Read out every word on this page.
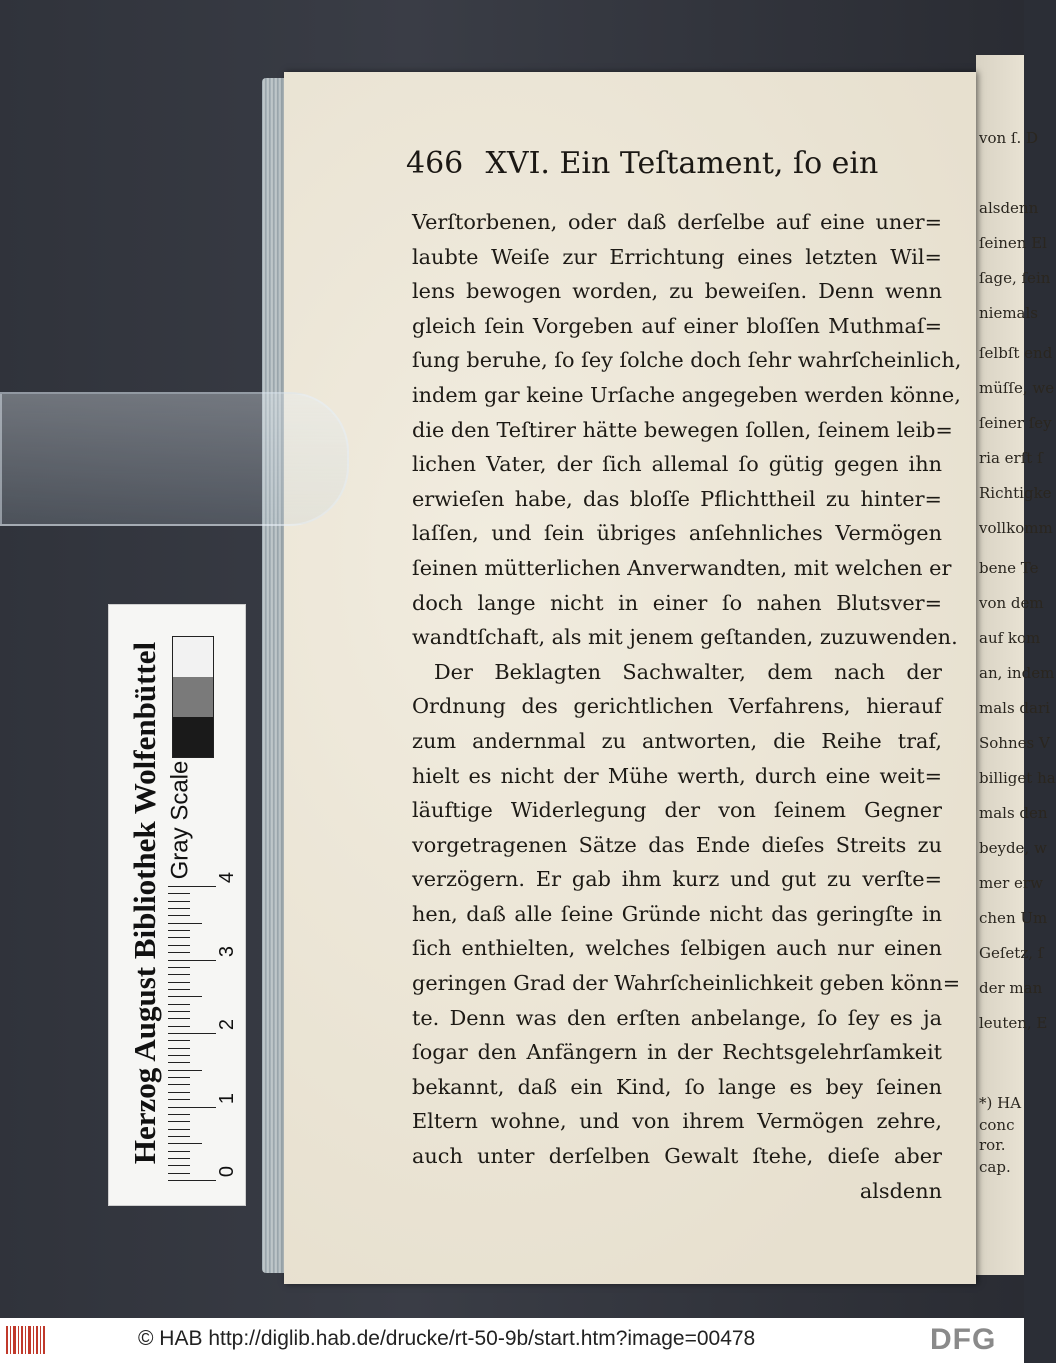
von ſ. D
alsdenn
ſeinen El
ſage, ſein
niemals
ſelbſt end
müſſe, we
ſeiner ſey
ria erſt ſ
Richtigke
vollkomm
bene Te
von dem
auf kom
an, indem
mals dari
Sohnes V
billiget ha
mals den
beyde, w
mer erw
chen Um
Geſetz, ſ
der man
leuten, E
*) HA
conc
ror.
cap.
466 XVI. Ein Teſtament, ſo ein
Verſtorbenen, oder daß derſelbe auf eine uner=
laubte Weiſe zur Errichtung eines letzten Wil=
lens bewogen worden, zu beweiſen. Denn wenn
gleich ſein Vorgeben auf einer bloſſen Muthmaſ=
ſung beruhe, ſo ſey ſolche doch ſehr wahrſcheinlich,
indem gar keine Urſache angegeben werden könne,
die den Teſtirer hätte bewegen ſollen, ſeinem leib=
lichen Vater, der ſich allemal ſo gütig gegen ihn
erwieſen habe, das bloſſe Pflichttheil zu hinter=
laſſen, und ſein übriges anſehnliches Vermögen
ſeinen mütterlichen Anverwandten, mit welchen er
doch lange nicht in einer ſo nahen Blutsver=
wandtſchaft, als mit jenem geſtanden, zuzuwenden.
Der Beklagten Sachwalter, dem nach der
Ordnung des gerichtlichen Verfahrens, hierauf
zum andernmal zu antworten, die Reihe traf,
hielt es nicht der Mühe werth, durch eine weit=
läuftige Widerlegung der von ſeinem Gegner
vorgetragenen Sätze das Ende dieſes Streits zu
verzögern. Er gab ihm kurz und gut zu verſte=
hen, daß alle ſeine Gründe nicht das geringſte in
ſich enthielten, welches ſelbigen auch nur einen
geringen Grad der Wahrſcheinlichkeit geben könn=
te. Denn was den erſten anbelange, ſo ſey es ja
ſogar den Anfängern in der Rechtsgelehrſamkeit
bekannt, daß ein Kind, ſo lange es bey ſeinen
Eltern wohne, und von ihrem Vermögen zehre,
auch unter derſelben Gewalt ſtehe, dieſe aber
alsdenn
Herzog August Bibliothek Wolfenbüttel Gray Scale
0
1
2
3
4
© HAB http://diglib.hab.de/drucke/rt-50-9b/start.htm?image=00478	DFG
